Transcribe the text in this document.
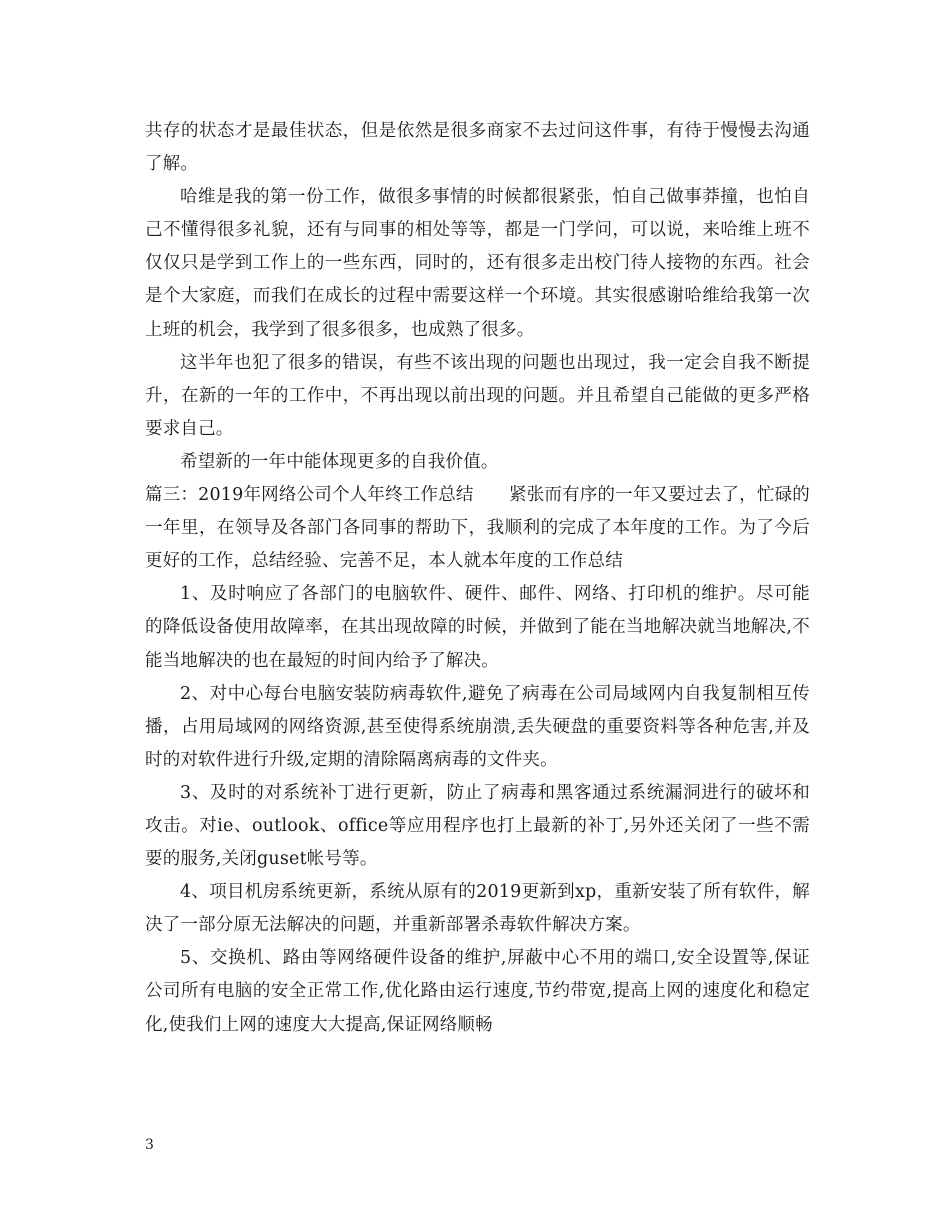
共存的状态才是最佳状态，但是依然是很多商家不去过问这件事，有待于慢慢去沟通了解。

哈维是我的第一份工作，做很多事情的时候都很紧张，怕自己做事莽撞，也怕自己不懂得很多礼貌，还有与同事的相处等等，都是一门学问，可以说，来哈维上班不仅仅只是学到工作上的一些东西，同时的，还有很多走出校门待人接物的东西。社会是个大家庭，而我们在成长的过程中需要这样一个环境。其实很感谢哈维给我第一次上班的机会，我学到了很多很多，也成熟了很多。

这半年也犯了很多的错误，有些不该出现的问题也出现过，我一定会自我不断提升，在新的一年的工作中，不再出现以前出现的问题。并且希望自己能做的更多严格要求自己。

希望新的一年中能体现更多的自我价值。

篇三：2019年网络公司个人年终工作总结　　紧张而有序的一年又要过去了，忙碌的一年里，在领导及各部门各同事的帮助下，我顺利的完成了本年度的工作。为了今后更好的工作，总结经验、完善不足，本人就本年度的工作总结

1、及时响应了各部门的电脑软件、硬件、邮件、网络、打印机的维护。尽可能的降低设备使用故障率，在其出现故障的时候，并做到了能在当地解决就当地解决,不能当地解决的也在最短的时间内给予了解决。

2、对中心每台电脑安装防病毒软件,避免了病毒在公司局域网内自我复制相互传播，占用局域网的网络资源,甚至使得系统崩溃,丢失硬盘的重要资料等各种危害,并及时的对软件进行升级,定期的清除隔离病毒的文件夹。

3、及时的对系统补丁进行更新，防止了病毒和黑客通过系统漏洞进行的破坏和攻击。对ie、outlook、office等应用程序也打上最新的补丁,另外还关闭了一些不需要的服务,关闭guset帐号等。

4、项目机房系统更新，系统从原有的2019更新到xp，重新安装了所有软件，解决了一部分原无法解决的问题，并重新部署杀毒软件解决方案。

5、交换机、路由等网络硬件设备的维护,屏蔽中心不用的端口,安全设置等,保证公司所有电脑的安全正常工作,优化路由运行速度,节约带宽,提高上网的速度化和稳定化,使我们上网的速度大大提高,保证网络顺畅

3
